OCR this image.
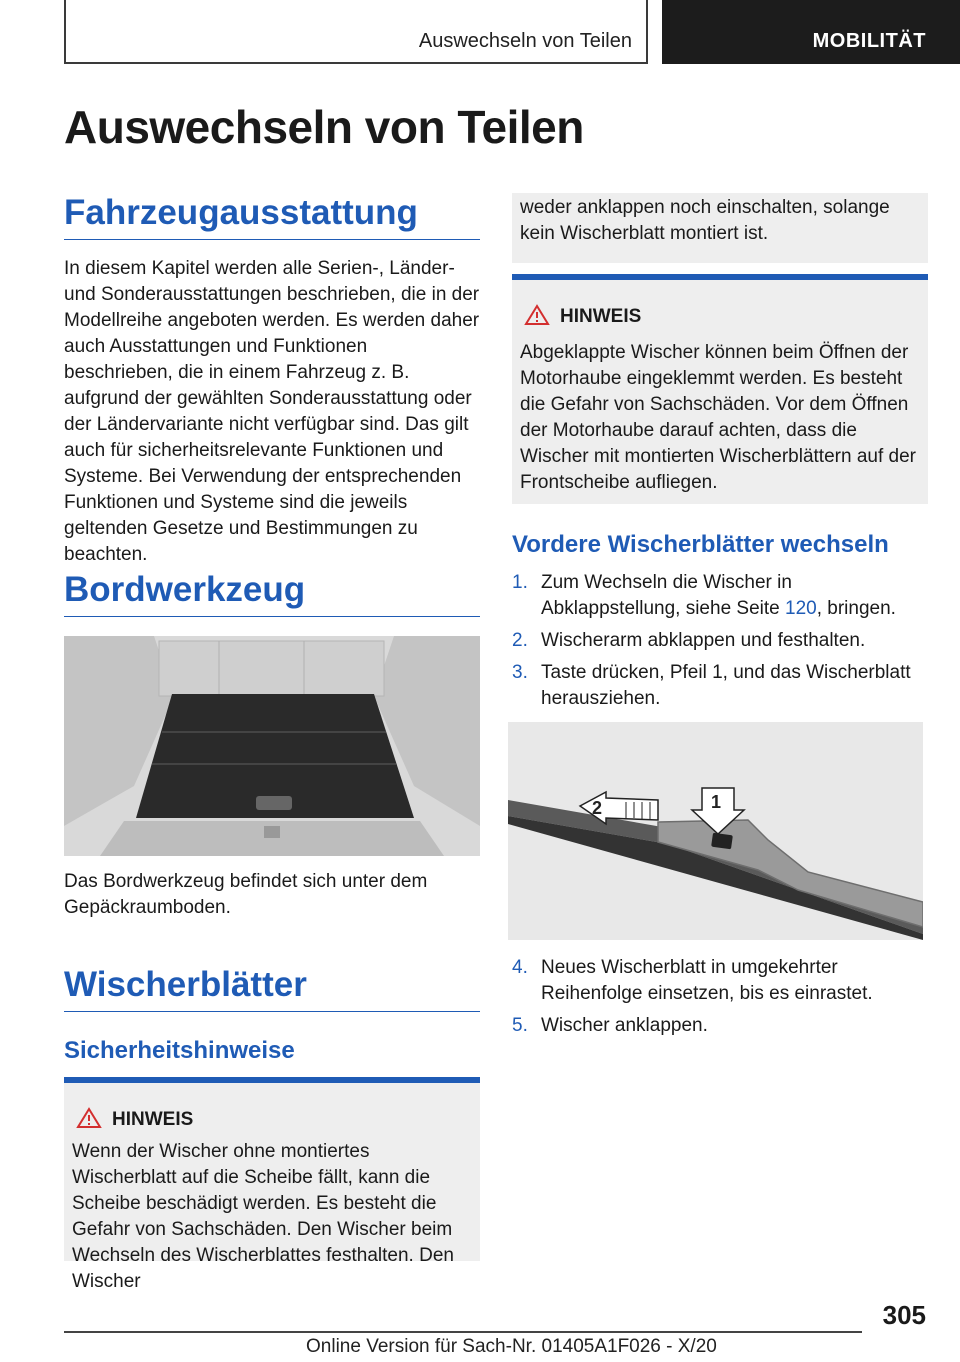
Auswechseln von Teilen	MOBILITÄT
Auswechseln von Teilen
Fahrzeugausstattung

In diesem Kapitel werden alle Serien-, Länder- und Sonderausstattungen beschrieben, die in der Modellreihe angeboten werden. Es werden daher auch Ausstattungen und Funktionen beschrieben, die in einem Fahrzeug z. B. aufgrund der gewählten Sonderausstattung oder der Ländervariante nicht verfügbar sind. Das gilt auch für sicherheitsrelevante Funktionen und Systeme. Bei Verwendung der entsprechenden Funktionen und Systeme sind die jeweils geltenden Gesetze und Bestimmungen zu beachten.

Bordwerkzeug

Das Bordwerkzeug befindet sich unter dem Gepäckraumboden.

Wischerblätter
Sicherheitshinweise
HINWEIS

Wenn der Wischer ohne montiertes Wischerblatt auf die Scheibe fällt, kann die Scheibe beschädigt werden. Es besteht die Gefahr von Sachschäden. Den Wischer beim Wechseln des Wischerblattes festhalten. Den Wischer

weder anklappen noch einschalten, solange kein Wischerblatt montiert ist.

HINWEIS

Abgeklappte Wischer können beim Öffnen der Motorhaube eingeklemmt werden. Es besteht die Gefahr von Sachschäden. Vor dem Öffnen der Motorhaube darauf achten, dass die Wischer mit montierten Wischerblättern auf der Frontscheibe aufliegen.

Vordere Wischerblätter wechseln
1. Zum Wechseln die Wischer in Abklappstellung, siehe Seite 120, bringen.
2. Wischerarm abklappen und festhalten.
3. Taste drücken, Pfeil 1, und das Wischerblatt herausziehen.
2	1
4. Neues Wischerblatt in umgekehrter Reihenfolge einsetzen, bis es einrastet.
5. Wischer anklappen.
305
Online Version für Sach-Nr. 01405A1F026 - X/20
